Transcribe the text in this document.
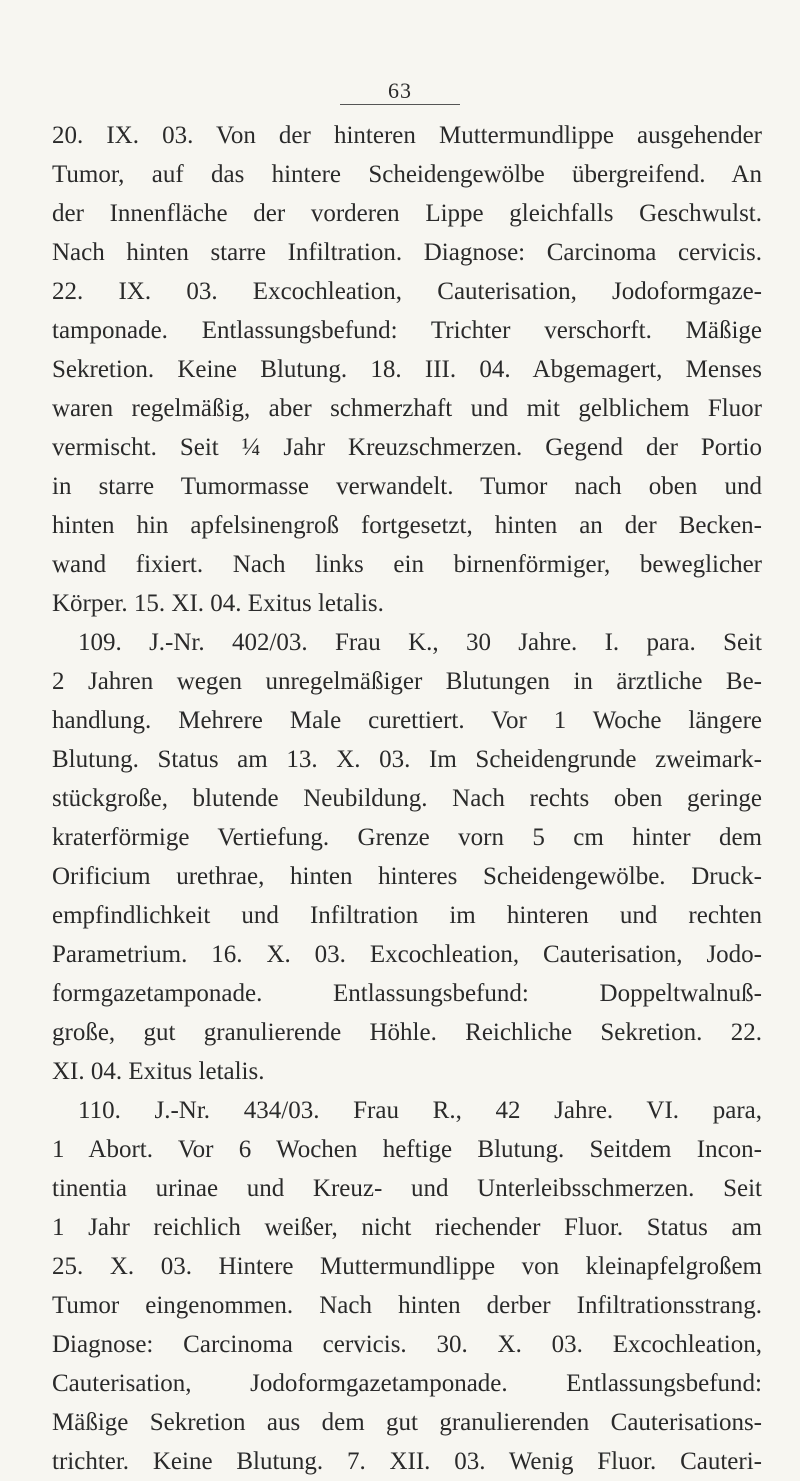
63
20. IX. 03. Von der hinteren Muttermundlippe ausgehender
Tumor, auf das hintere Scheidengewölbe übergreifend. An
der Innenfläche der vorderen Lippe gleichfalls Geschwulst.
Nach hinten starre Infiltration. Diagnose: Carcinoma cervicis.
22. IX. 03. Excochleation, Cauterisation, Jodoformgaze-
tamponade. Entlassungsbefund: Trichter verschorft. Mäßige
Sekretion. Keine Blutung. 18. III. 04. Abgemagert, Menses
waren regelmäßig, aber schmerzhaft und mit gelblichem Fluor
vermischt. Seit ¼ Jahr Kreuzschmerzen. Gegend der Portio
in starre Tumormasse verwandelt. Tumor nach oben und
hinten hin apfelsinengroß fortgesetzt, hinten an der Becken-
wand fixiert. Nach links ein birnenförmiger, beweglicher
Körper. 15. XI. 04. Exitus letalis.
109. J.-Nr. 402/03. Frau K., 30 Jahre. I. para. Seit
2 Jahren wegen unregelmäßiger Blutungen in ärztliche Be-
handlung. Mehrere Male curettiert. Vor 1 Woche längere
Blutung. Status am 13. X. 03. Im Scheidengrunde zweimark-
stückgroße, blutende Neubildung. Nach rechts oben geringe
kraterförmige Vertiefung. Grenze vorn 5 cm hinter dem
Orificium urethrae, hinten hinteres Scheidengewölbe. Druck-
empfindlichkeit und Infiltration im hinteren und rechten
Parametrium. 16. X. 03. Excochleation, Cauterisation, Jodo-
formgazetamponade. Entlassungsbefund: Doppeltwalnuß-
große, gut granulierende Höhle. Reichliche Sekretion. 22.
XI. 04. Exitus letalis.
110. J.-Nr. 434/03. Frau R., 42 Jahre. VI. para,
1 Abort. Vor 6 Wochen heftige Blutung. Seitdem Incon-
tinentia urinae und Kreuz- und Unterleibsschmerzen. Seit
1 Jahr reichlich weißer, nicht riechender Fluor. Status am
25. X. 03. Hintere Muttermundlippe von kleinapfelgroßem
Tumor eingenommen. Nach hinten derber Infiltrationsstrang.
Diagnose: Carcinoma cervicis. 30. X. 03. Excochleation,
Cauterisation, Jodoformgazetamponade. Entlassungsbefund:
Mäßige Sekretion aus dem gut granulierenden Cauterisations-
trichter. Keine Blutung. 7. XII. 03. Wenig Fluor. Cauteri-
